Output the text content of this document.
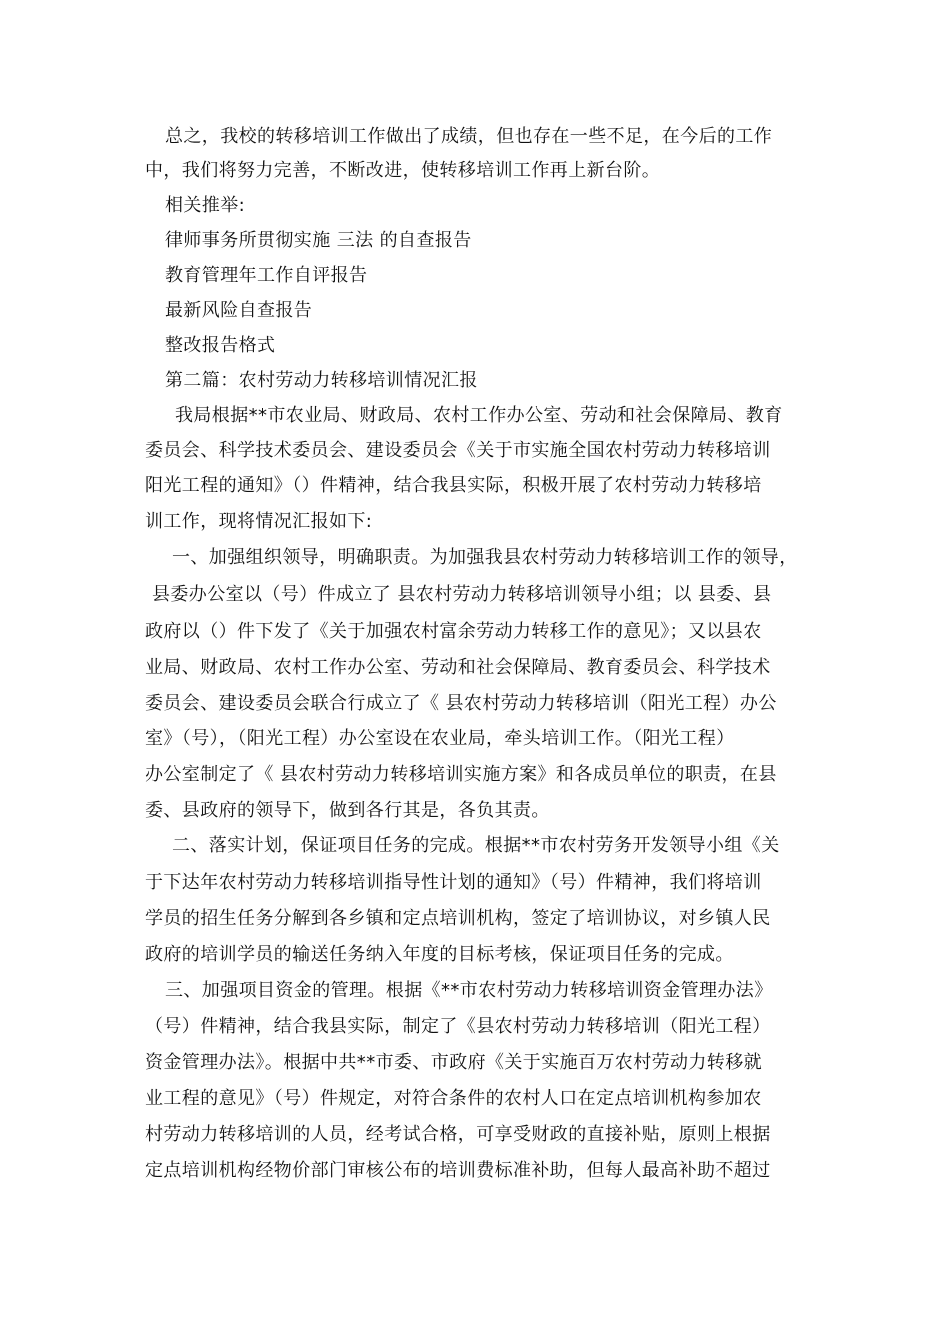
总之，我校的转移培训工作做出了成绩，但也存在一些不足，在今后的工作
中，我们将努力完善，不断改进，使转移培训工作再上新台阶。
相关推举:
律师事务所贯彻实施 三法 的自查报告
教育管理年工作自评报告
最新风险自查报告
整改报告格式
第二篇：农村劳动力转移培训情况汇报
我局根据**市农业局、财政局、农村工作办公室、劳动和社会保障局、教育
委员会、科学技术委员会、建设委员会《关于市实施全国农村劳动力转移培训
阳光工程的通知》（）件精神，结合我县实际，积极开展了农村劳动力转移培
训工作，现将情况汇报如下:
一、加强组织领导，明确职责。为加强我县农村劳动力转移培训工作的领导，
县委办公室以（号）件成立了 县农村劳动力转移培训领导小组；以 县委、县
政府以（）件下发了《关于加强农村富余劳动力转移工作的意见》；又以县农
业局、财政局、农村工作办公室、劳动和社会保障局、教育委员会、科学技术
委员会、建设委员会联合行成立了《 县农村劳动力转移培训（阳光工程）办公
室》（号），（阳光工程）办公室设在农业局，牵头培训工作。（阳光工程）
办公室制定了《 县农村劳动力转移培训实施方案》和各成员单位的职责，在县
委、县政府的领导下，做到各行其是，各负其责。
二、落实计划，保证项目任务的完成。根据**市农村劳务开发领导小组《关
于下达年农村劳动力转移培训指导性计划的通知》（号）件精神，我们将培训
学员的招生任务分解到各乡镇和定点培训机构，签定了培训协议，对乡镇人民
政府的培训学员的输送任务纳入年度的目标考核，保证项目任务的完成。
三、加强项目资金的管理。根据《**市农村劳动力转移培训资金管理办法》
（号）件精神，结合我县实际，制定了《县农村劳动力转移培训（阳光工程）
资金管理办法》。根据中共**市委、市政府《关于实施百万农村劳动力转移就
业工程的意见》（号）件规定，对符合条件的农村人口在定点培训机构参加农
村劳动力转移培训的人员，经考试合格，可享受财政的直接补贴，原则上根据
定点培训机构经物价部门审核公布的培训费标准补助，但每人最高补助不超过
